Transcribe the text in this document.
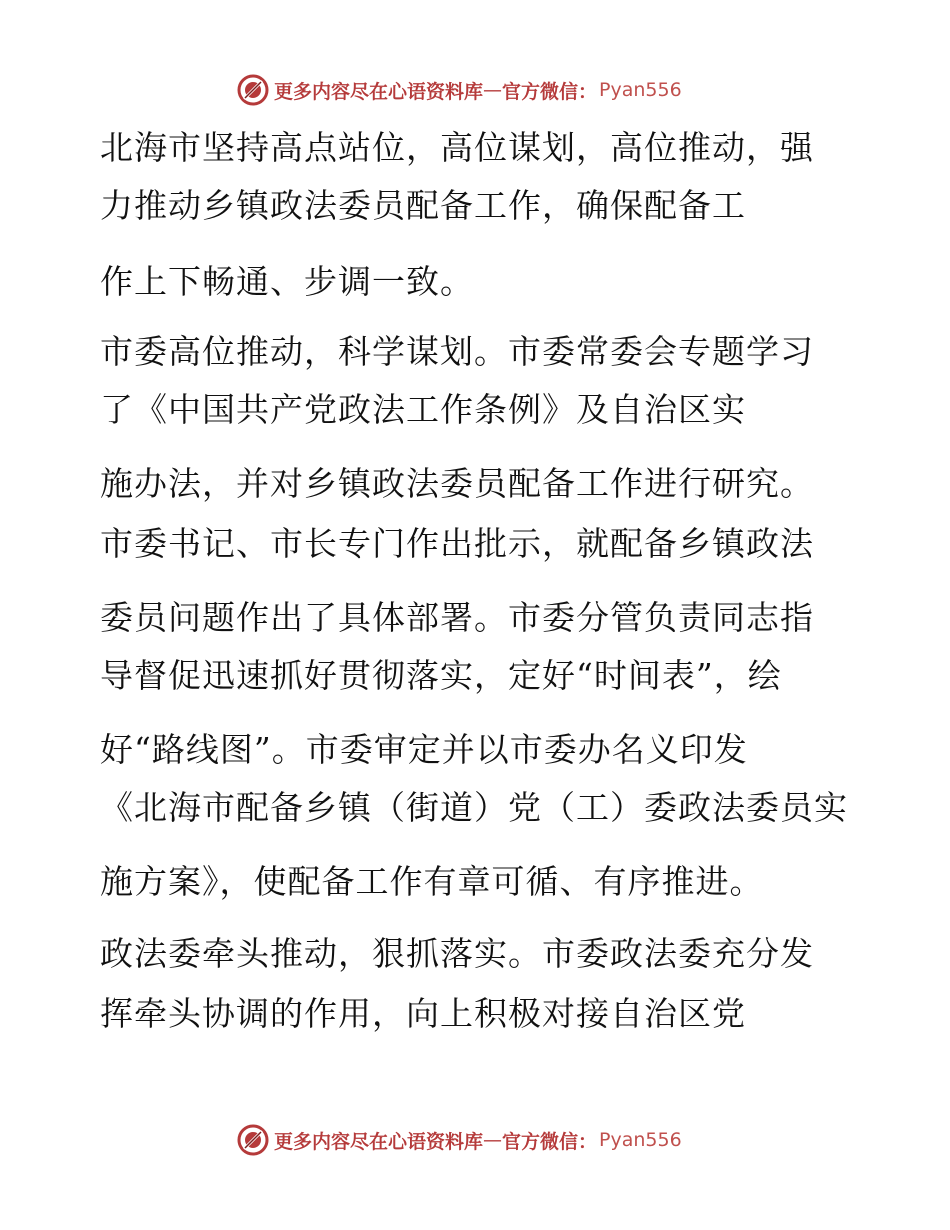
更多内容尽在心语资料库 — 官方微信： Pyan556
北海市坚持高点站位，高位谋划，高位推动，强
力推动乡镇政法委员配备工作，确保配备工
作上下畅通、步调一致。
市委高位推动，科学谋划。市委常委会专题学习
了《中国共产党政法工作条例》及自治区实
施办法，并对乡镇政法委员配备工作进行研究。
市委书记、市长专门作出批示，就配备乡镇政法
委员问题作出了具体部署。市委分管负责同志指
导督促迅速抓好贯彻落实，定好“时间表”，绘
好“路线图”。市委审定并以市委办名义印发
《北海市配备乡镇（街道）党（工）委政法委员实
施方案》，使配备工作有章可循、有序推进。
政法委牵头推动，狠抓落实。市委政法委充分发
挥牵头协调的作用，向上积极对接自治区党
更多内容尽在心语资料库 — 官方微信： Pyan556
